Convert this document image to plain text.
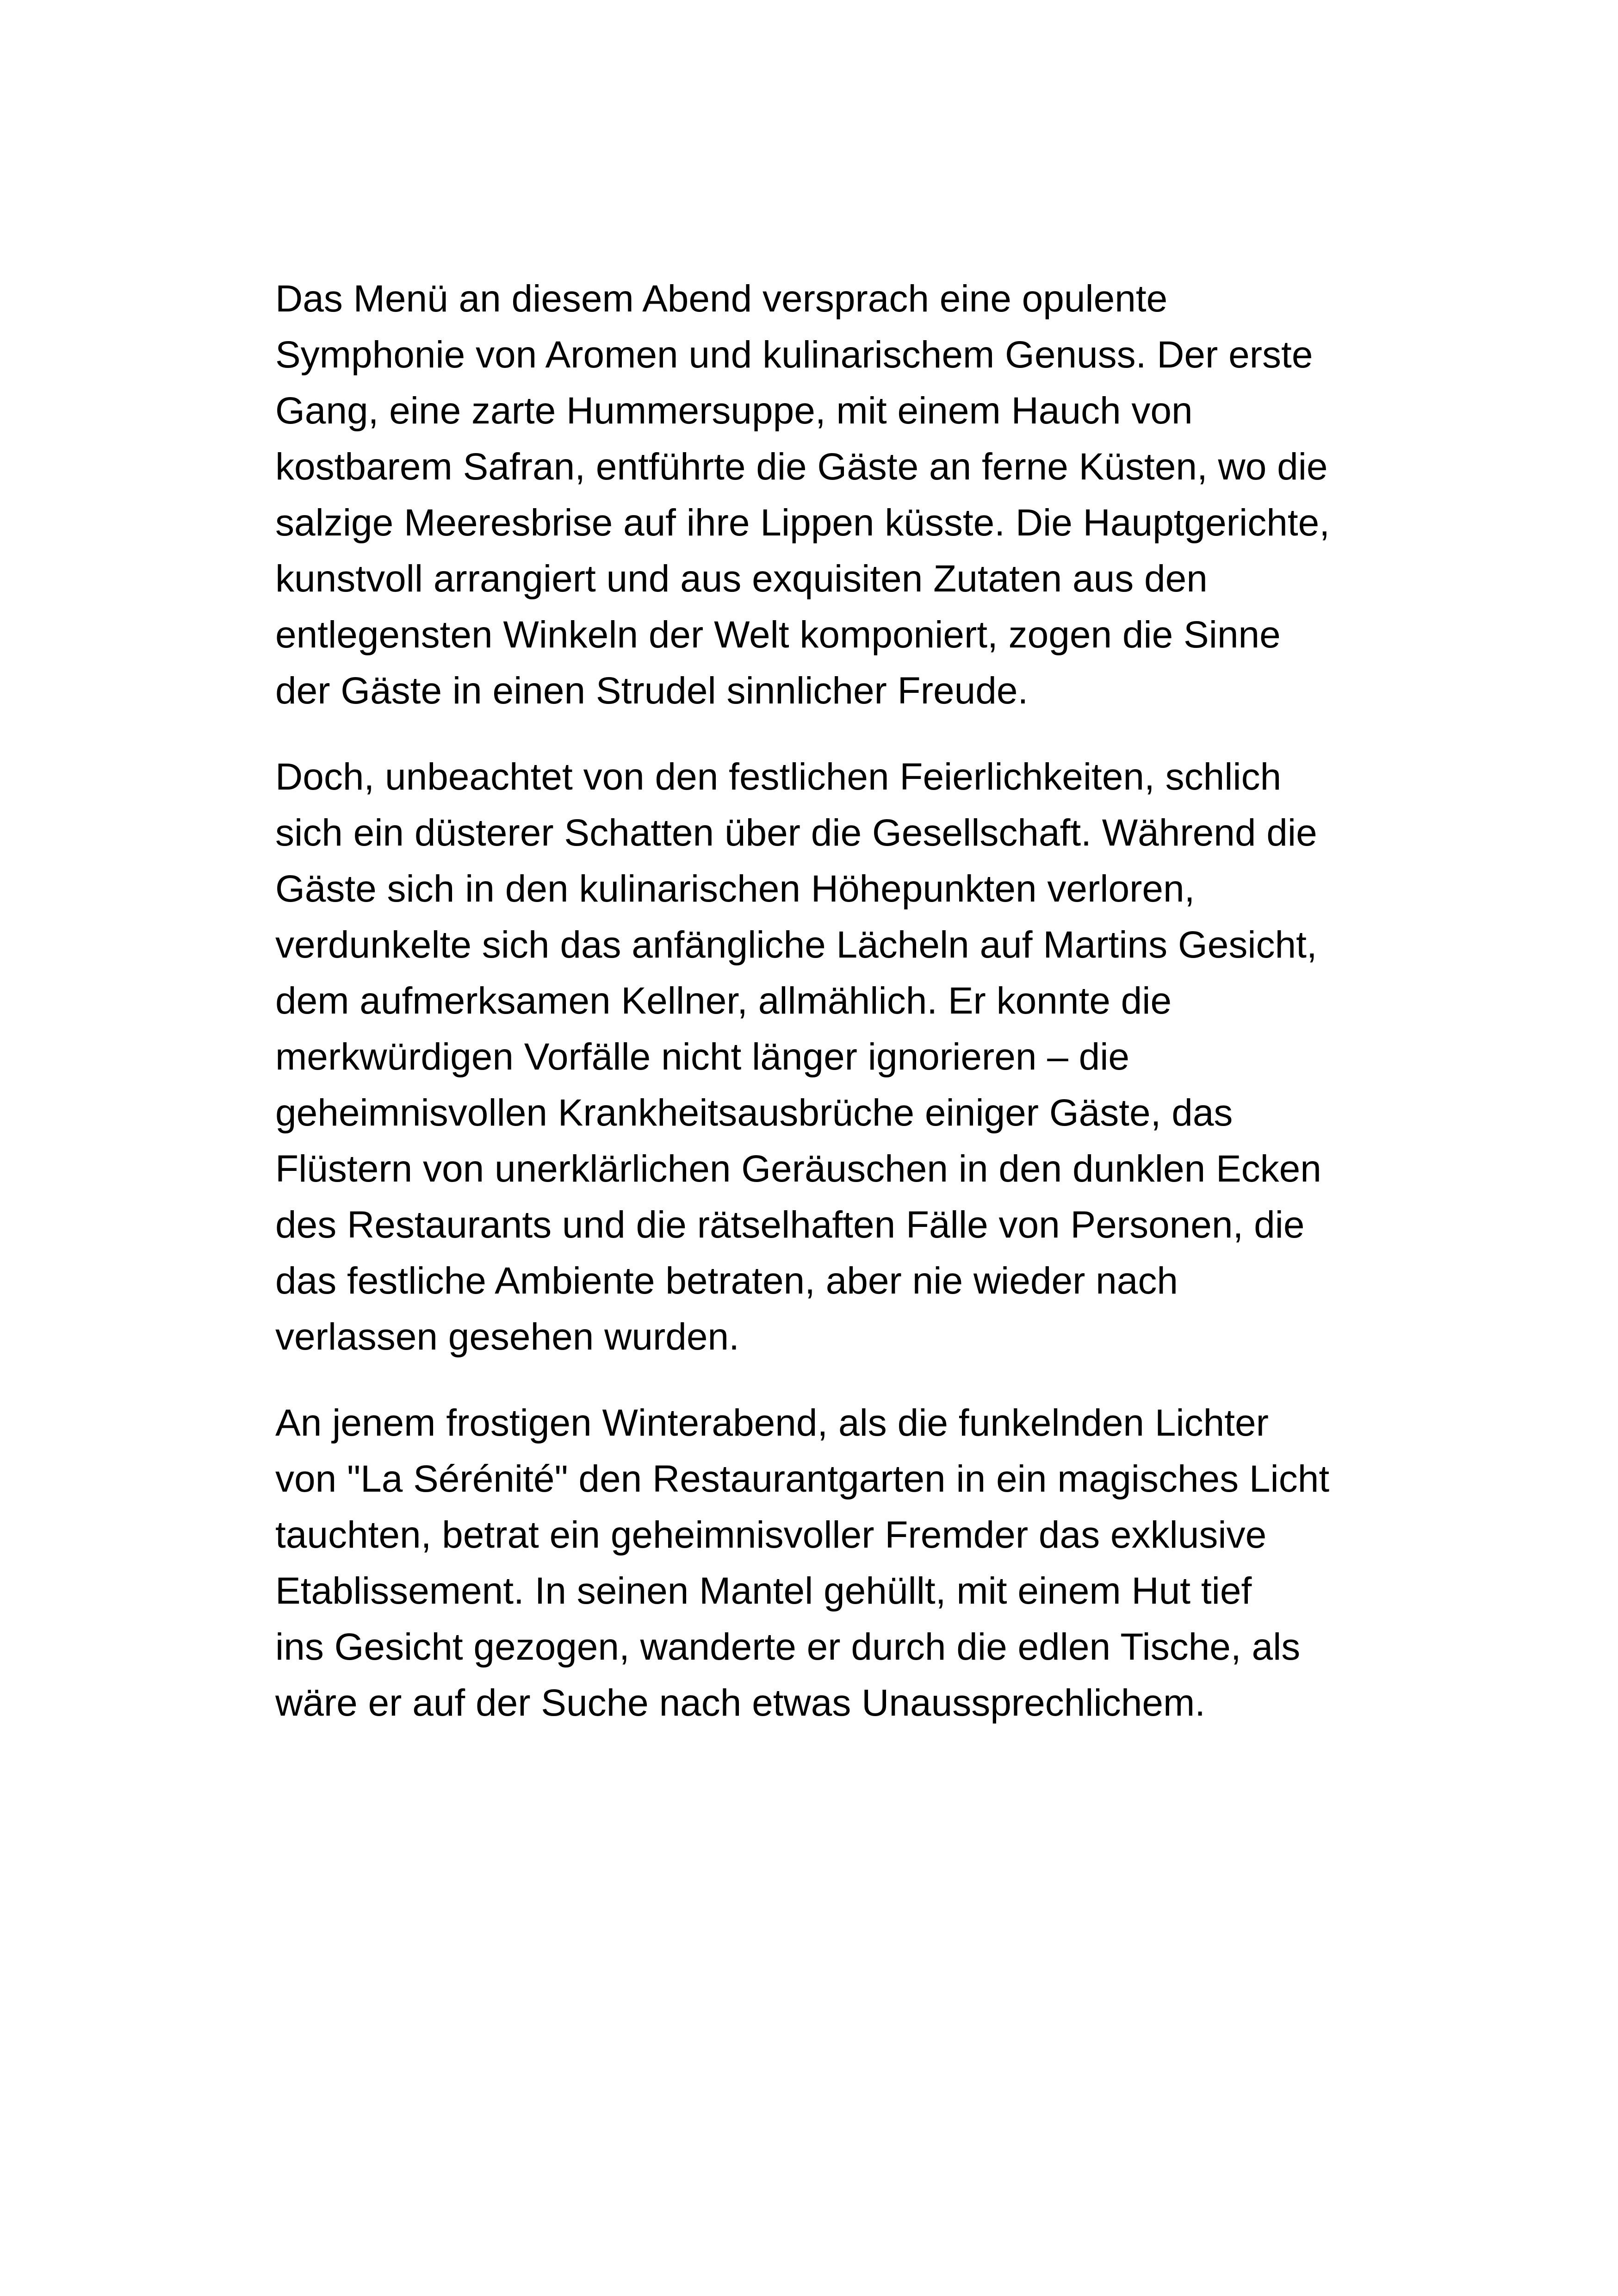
Das Menü an diesem Abend versprach eine opulente
Symphonie von Aromen und kulinarischem Genuss. Der erste
Gang, eine zarte Hummersuppe, mit einem Hauch von
kostbarem Safran, entführte die Gäste an ferne Küsten, wo die
salzige Meeresbrise auf ihre Lippen küsste. Die Hauptgerichte,
kunstvoll arrangiert und aus exquisiten Zutaten aus den
entlegensten Winkeln der Welt komponiert, zogen die Sinne
der Gäste in einen Strudel sinnlicher Freude.

Doch, unbeachtet von den festlichen Feierlichkeiten, schlich
sich ein düsterer Schatten über die Gesellschaft. Während die
Gäste sich in den kulinarischen Höhepunkten verloren,
verdunkelte sich das anfängliche Lächeln auf Martins Gesicht,
dem aufmerksamen Kellner, allmählich. Er konnte die
merkwürdigen Vorfälle nicht länger ignorieren – die
geheimnisvollen Krankheitsausbrüche einiger Gäste, das
Flüstern von unerklärlichen Geräuschen in den dunklen Ecken
des Restaurants und die rätselhaften Fälle von Personen, die
das festliche Ambiente betraten, aber nie wieder nach
verlassen gesehen wurden.

An jenem frostigen Winterabend, als die funkelnden Lichter
von "La Sérénité" den Restaurantgarten in ein magisches Licht
tauchten, betrat ein geheimnisvoller Fremder das exklusive
Etablissement. In seinen Mantel gehüllt, mit einem Hut tief
ins Gesicht gezogen, wanderte er durch die edlen Tische, als
wäre er auf der Suche nach etwas Unaussprechlichem.
